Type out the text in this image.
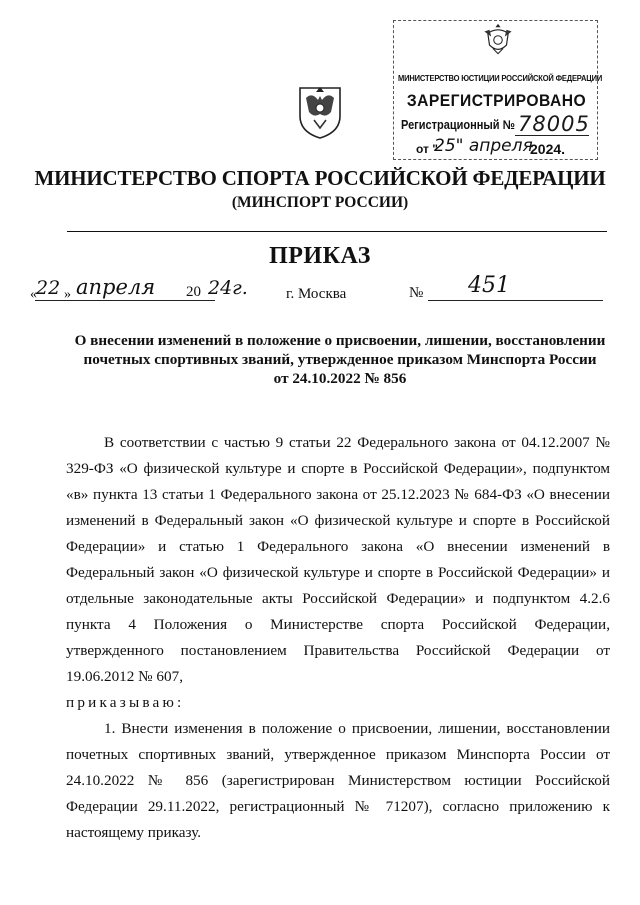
МИНИСТЕРСТВО ЮСТИЦИИ РОССИЙСКОЙ ФЕДЕРАЦИИ
ЗАРЕГИСТРИРОВАНО
Регистрационный № 78005
от "
25" апреля
2024.
МИНИСТЕРСТВО СПОРТА РОССИЙСКОЙ ФЕДЕРАЦИИ
(МИНСПОРТ РОССИИ)
ПРИКАЗ
« 22 » апреля 20 24г.	г. Москва	№ 451
О внесении изменений в положение о присвоении, лишении, восстановлении
почетных спортивных званий, утвержденное приказом Минспорта России
от 24.10.2022 № 856

В соответствии с частью 9 статьи 22 Федерального закона от 04.12.2007 № 329-ФЗ «О физической культуре и спорте в Российской Федерации», подпунктом «в» пункта 13 статьи 1 Федерального закона от 25.12.2023 № 684-ФЗ «О внесении изменений в Федеральный закон «О физической культуре и спорте в Российской Федерации» и статью 1 Федерального закона «О внесении изменений в Федеральный закон «О физической культуре и спорте в Российской Федерации» и отдельные законодательные акты Российской Федерации» и подпунктом 4.2.6 пункта 4 Положения о Министерстве спорта Российской Федерации, утвержденного постановлением Правительства Российской Федерации от 19.06.2012 № 607,
приказываю:

1. Внести изменения в положение о присвоении, лишении, восстановлении почетных спортивных званий, утвержденное приказом Минспорта России от 24.10.2022 № 856 (зарегистрирован Министерством юстиции Российской Федерации 29.11.2022, регистрационный № 71207), согласно приложению к настоящему приказу.
